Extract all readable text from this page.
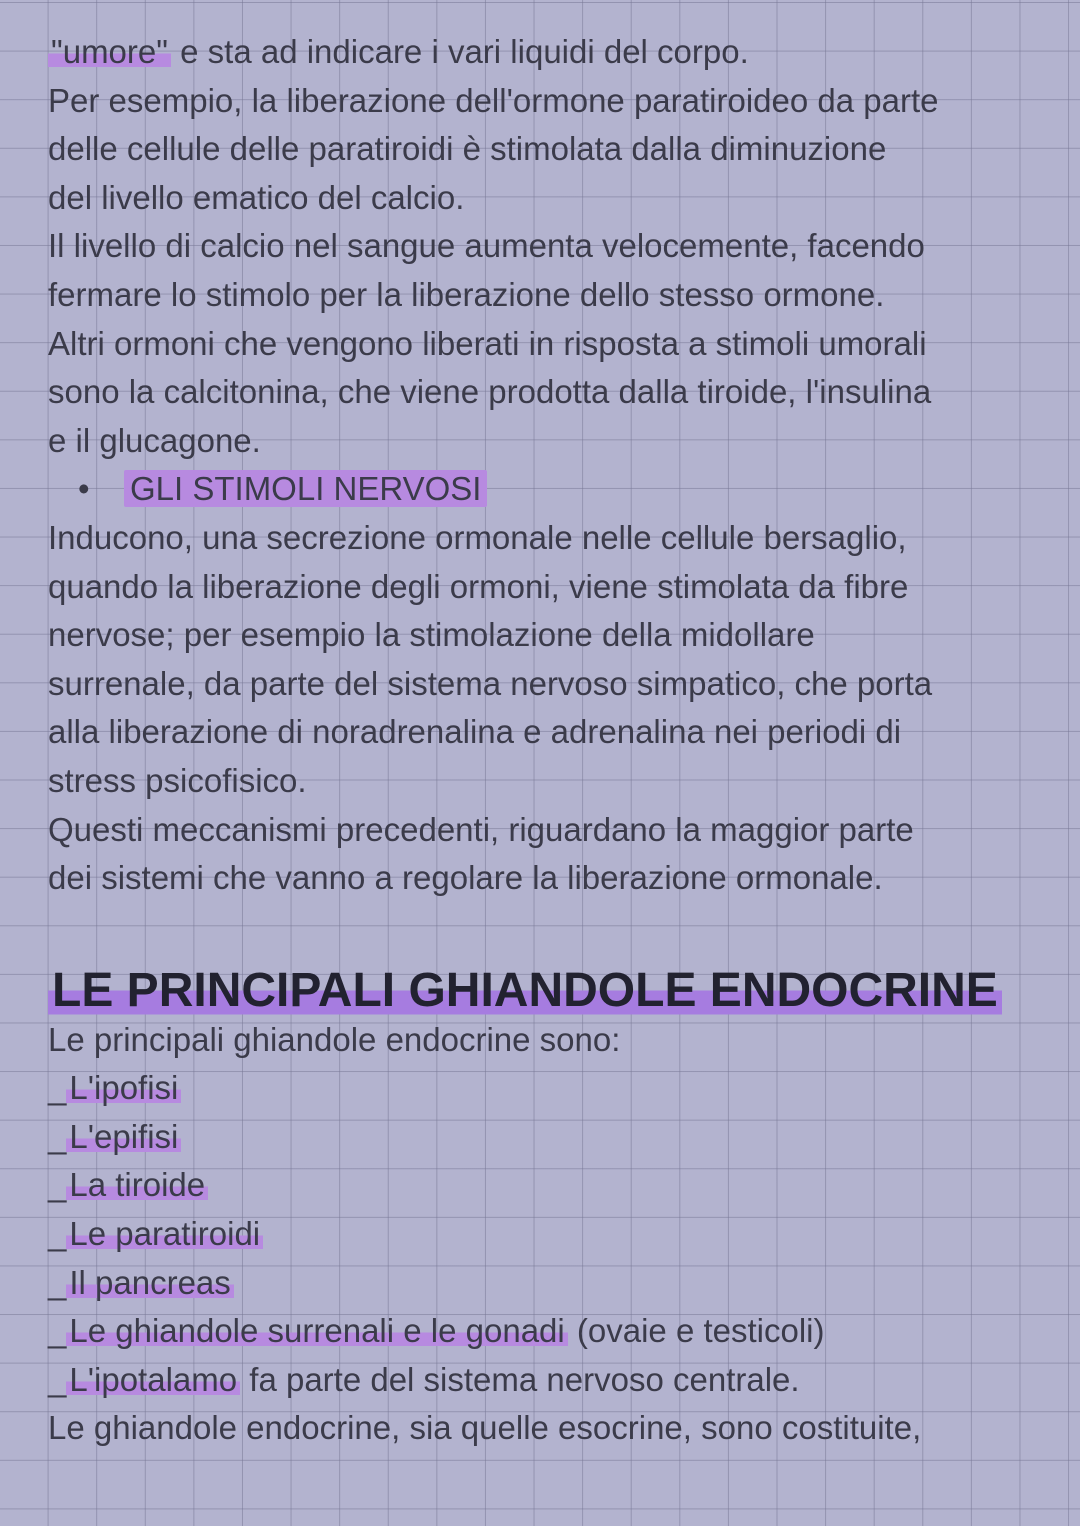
"umore" e sta ad indicare i vari liquidi del corpo.

Per esempio, la liberazione dell'ormone paratiroideo da parte

delle cellule delle paratiroidi è stimolata dalla diminuzione

del livello ematico del calcio.

Il livello di calcio nel sangue aumenta velocemente, facendo

fermare lo stimolo per la liberazione dello stesso ormone.

Altri ormoni che vengono liberati in risposta a stimoli umorali

sono la calcitonina, che viene prodotta dalla tiroide, l'insulina

e il glucagone.

• GLI STIMOLI NERVOSI

Inducono, una secrezione ormonale nelle cellule bersaglio,

quando la liberazione degli ormoni, viene stimolata da fibre

nervose; per esempio la stimolazione della midollare

surrenale, da parte del sistema nervoso simpatico, che porta

alla liberazione di noradrenalina e adrenalina nei periodi di

stress psicofisico.

Questi meccanismi precedenti, riguardano la maggior parte

dei sistemi che vanno a regolare la liberazione ormonale.

LE PRINCIPALI GHIANDOLE ENDOCRINE

Le principali ghiandole endocrine sono:

_L'ipofisi

_L'epifisi

_La tiroide

_Le paratiroidi

_Il pancreas

_Le ghiandole surrenali e le gonadi (ovaie e testicoli)

_L'ipotalamo fa parte del sistema nervoso centrale.

Le ghiandole endocrine, sia quelle esocrine, sono costituite,
